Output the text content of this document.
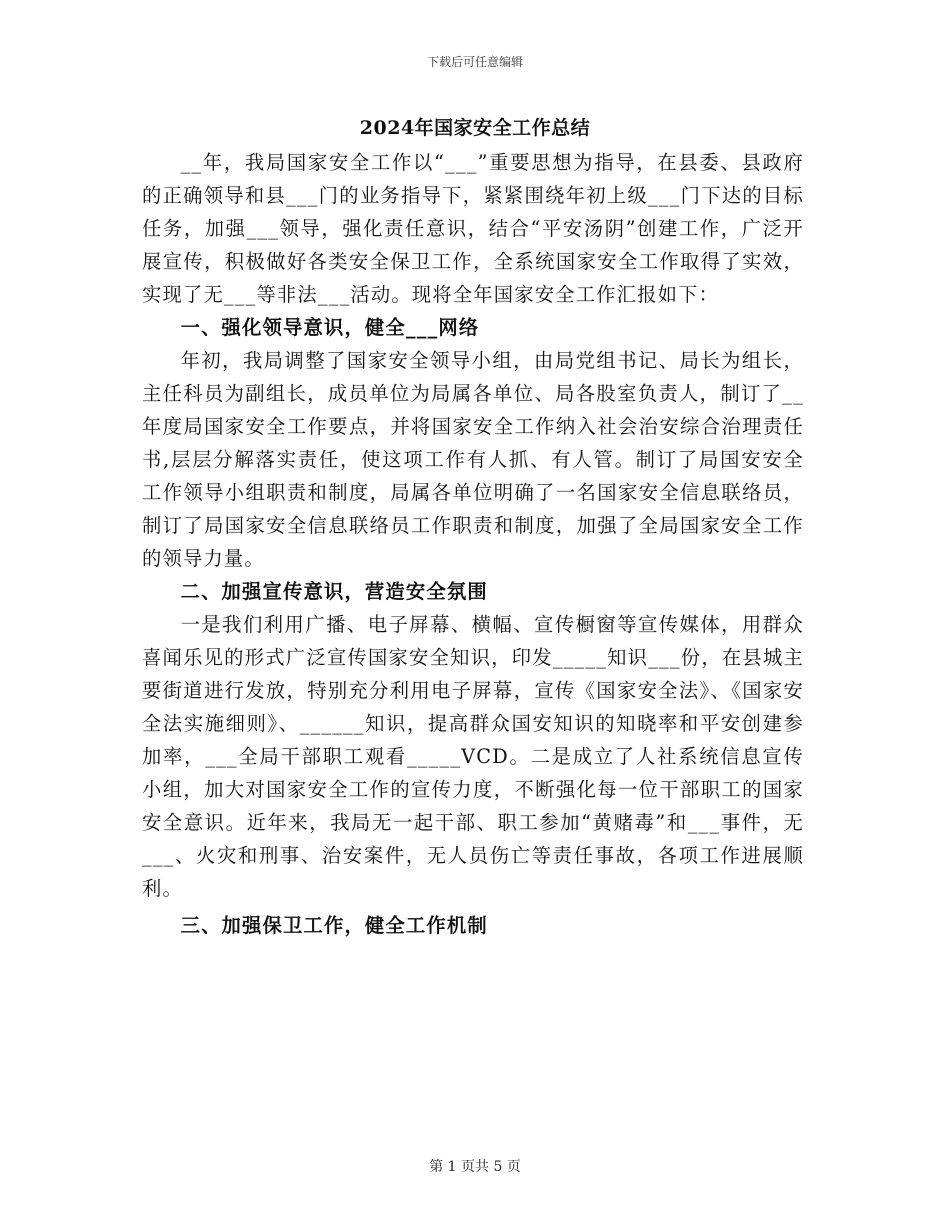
下载后可任意编辑
2024年国家安全工作总结

__年，我局国家安全工作以“___”重要思想为指导，在县委、县政府的正确领导和县___门的业务指导下，紧紧围绕年初上级___门下达的目标任务，加强___领导，强化责任意识，结合“平安汤阴”创建工作，广泛开展宣传，积极做好各类安全保卫工作，全系统国家安全工作取得了实效，实现了无___等非法___活动。现将全年国家安全工作汇报如下：

一、强化领导意识，健全___网络

年初，我局调整了国家安全领导小组，由局党组书记、局长为组长，主任科员为副组长，成员单位为局属各单位、局各股室负责人，制订了__年度局国家安全工作要点，并将国家安全工作纳入社会治安综合治理责任书,层层分解落实责任，使这项工作有人抓、有人管。制订了局国安安全工作领导小组职责和制度，局属各单位明确了一名国家安全信息联络员，制订了局国家安全信息联络员工作职责和制度，加强了全局国家安全工作的领导力量。

二、加强宣传意识，营造安全氛围

一是我们利用广播、电子屏幕、横幅、宣传橱窗等宣传媒体，用群众喜闻乐见的形式广泛宣传国家安全知识，印发_____知识___份，在县城主要街道进行发放，特别充分利用电子屏幕，宣传《国家安全法》、《国家安全法实施细则》、______知识，提高群众国安知识的知晓率和平安创建参加率，___全局干部职工观看_____VCD。二是成立了人社系统信息宣传小组，加大对国家安全工作的宣传力度，不断强化每一位干部职工的国家安全意识。近年来，我局无一起干部、职工参加“黄赌毒”和___事件，无___、火灾和刑事、治安案件，无人员伤亡等责任事故，各项工作进展顺利。

三、加强保卫工作，健全工作机制
第 1 页共 5 页
